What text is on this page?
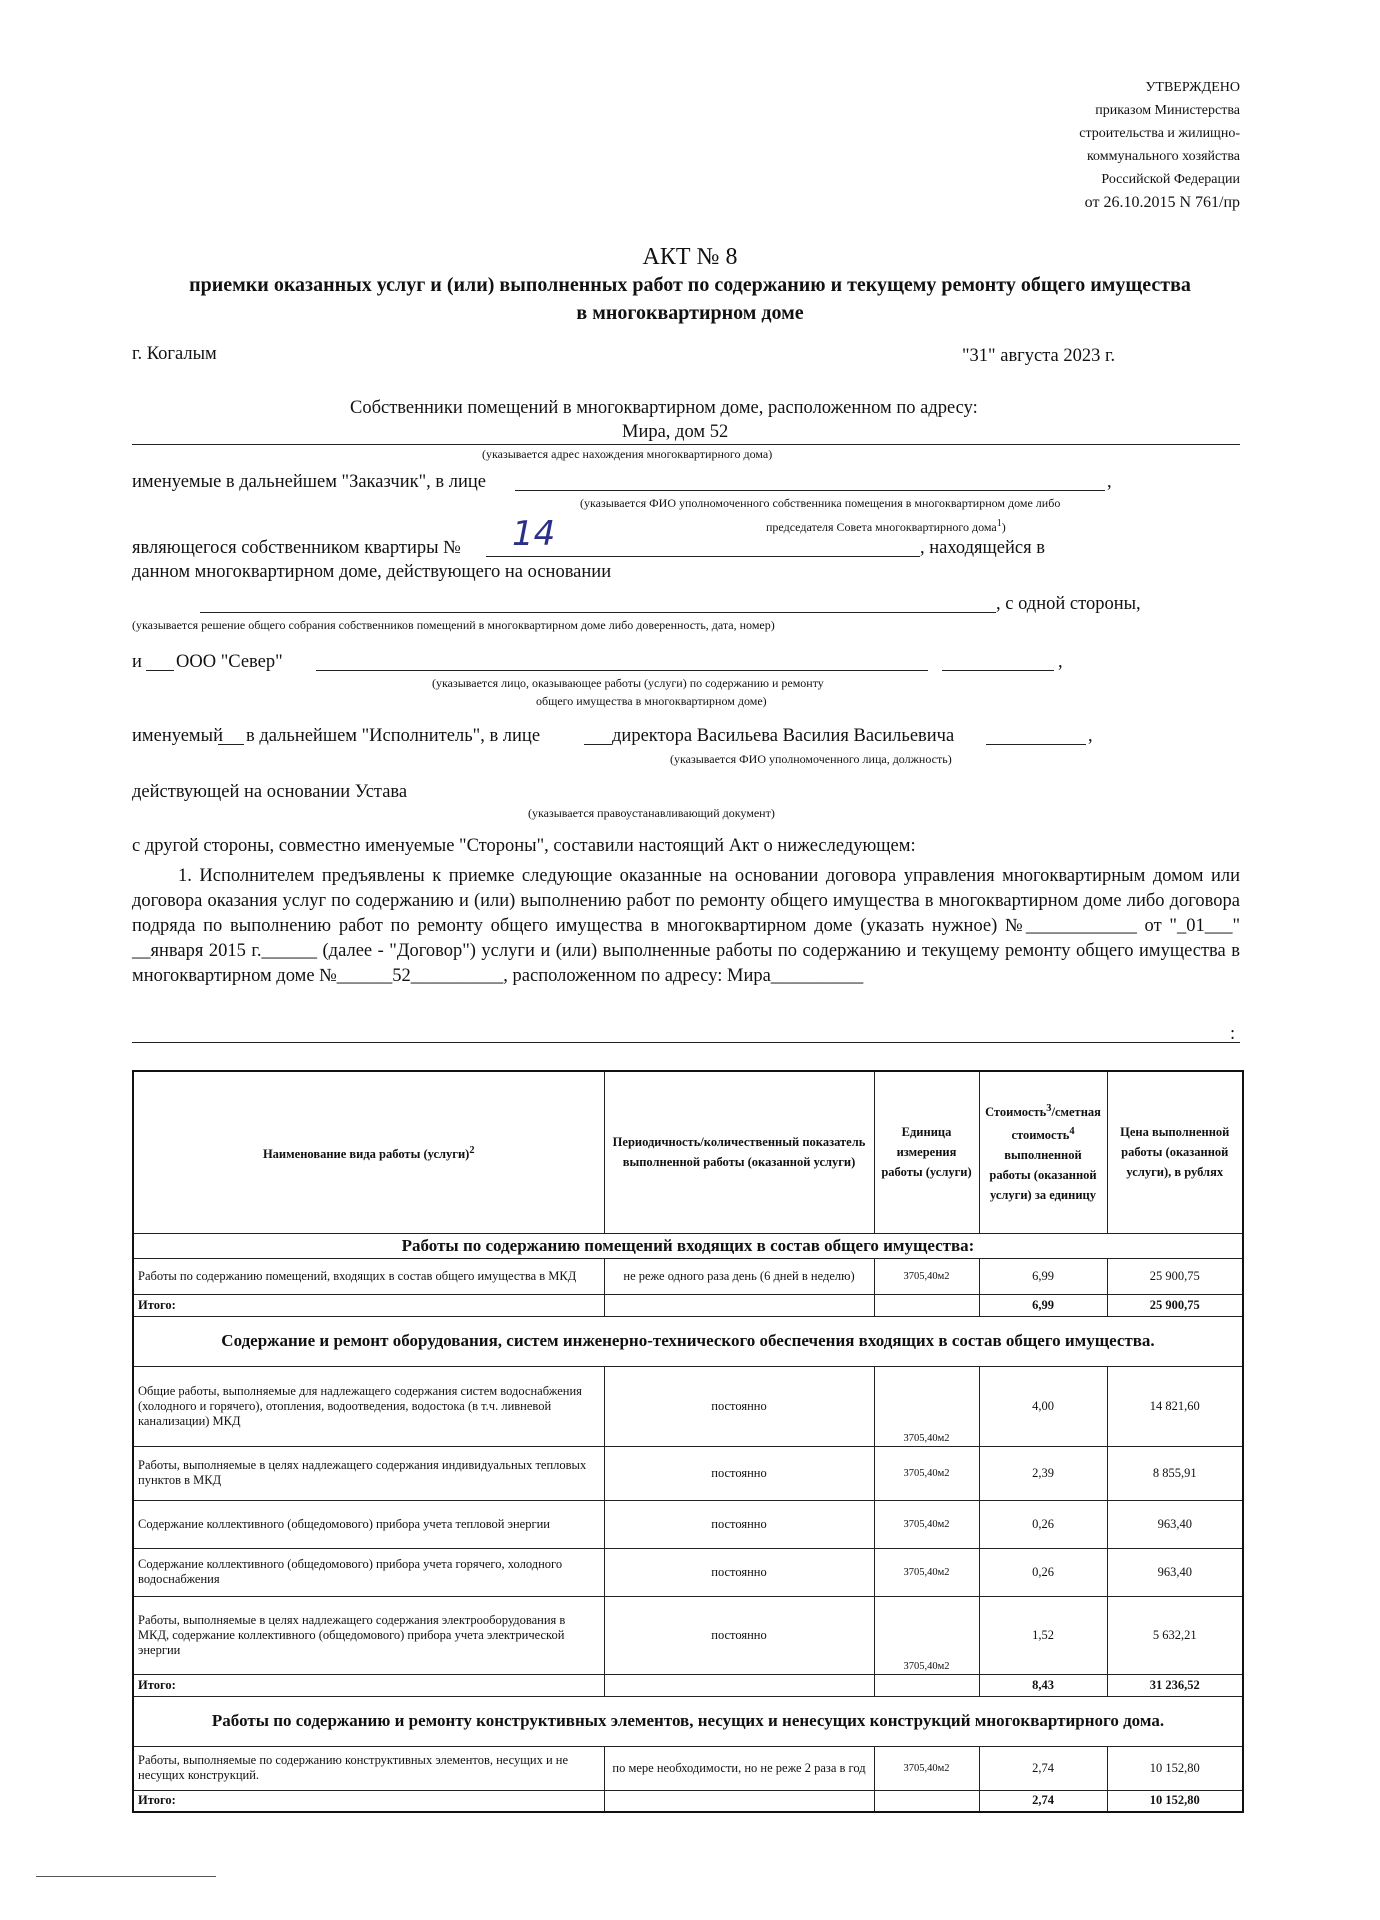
УТВЕРЖДЕНО
приказом Министерства
строительства и жилищно-
коммунального хозяйства
Российской Федерации
от 26.10.2015 N 761/пр
АКТ № 8
приемки оказанных услуг и (или) выполненных работ по содержанию и текущему ремонту общего имущества
в многоквартирном доме
г. Когалым	"31" августа 2023 г.
Собственники помещений в многоквартирном доме, расположенном по адресу:
Мира, дом 52
(указывается адрес нахождения многоквартирного дома)
именуемые в дальнейшем "Заказчик", в лице	,
(указывается ФИО уполномоченного собственника помещения в многоквартирном доме либо
председателя Совета многоквартирного дома$^1$)
являющегося собственником квартиры № 14	, находящейся в
данном многоквартирном доме, действующего на основании
, с одной стороны,
(указывается решение общего собрания собственников помещений в многоквартирном доме либо доверенность, дата, номер)
и ООО "Север"	,
(указывается лицо, оказывающее работы (услуги) по содержанию и ремонту
общего имущества в многоквартирном доме)
именуемый в дальнейшем "Исполнитель", в лице	директора Васильева Василия Васильевича	,
(указывается ФИО уполномоченного лица, должность)
действующей на основании Устава
(указывается правоустанавливающий документ)
с другой стороны, совместно именуемые "Стороны", составили настоящий Акт о нижеследующем:
1. Исполнителем предъявлены к приемке следующие оказанные на основании договора управления многоквартирным домом или договора оказания услуг по содержанию и (или) выполнению работ по ремонту общего имущества в многоквартирном доме либо договора подряда по выполнению работ по ремонту общего имущества в многоквартирном доме (указать нужное) №____________ от "_01___" __января 2015 г.______ (далее - "Договор") услуги и (или) выполненные работы по содержанию и текущему ремонту общего имущества в многоквартирном доме №______52__________, расположенном по адресу: Мира__________
:
Наименование вида работы (услуги)$^2$	Периодичность/количественный показатель выполненной работы (оказанной услуги)	Единица измерения работы (услуги)	Стоимость$^3$/сметная стоимость$^4$ выполненной работы (оказанной услуги) за единицу	Цена выполненной работы (оказанной услуги), в рублях
Работы по содержанию помещений входящих в состав общего имущества:				
Работы по содержанию помещений, входящих в состав общего имущества в МКД	не реже одного раза день (6 дней в неделю)	3705,40м2	6,99	25 900,75
Итого:			6,99	25 900,75
Содержание и ремонт оборудования, систем инженерно-технического обеспечения входящих в состав общего имущества.				
Общие работы, выполняемые для надлежащего содержания систем водоснабжения (холодного и горячего), отопления, водоотведения, водостока (в т.ч. ливневой канализации) МКД	постоянно	3705,40м2	4,00	14 821,60
Работы, выполняемые в целях надлежащего содержания индивидуальных тепловых пунктов в МКД	постоянно	3705,40м2	2,39	8 855,91
Содержание коллективного (общедомового) прибора учета тепловой энергии	постоянно	3705,40м2	0,26	963,40
Содержание коллективного (общедомового) прибора учета горячего, холодного водоснабжения	постоянно	3705,40м2	0,26	963,40
Работы, выполняемые в целях надлежащего содержания электрооборудования в МКД, содержание коллективного (общедомового) прибора учета электрической энергии	постоянно	3705,40м2	1,52	5 632,21
Итого:			8,43	31 236,52
Работы по содержанию и ремонту конструктивных элементов, несущих и ненесущих конструкций многоквартирного дома.				
Работы, выполняемые по содержанию конструктивных элементов, несущих и не несущих конструкций.	по мере необходимости, но не реже 2 раза в год	3705,40м2	2,74	10 152,80
Итого:			2,74	10 152,80
